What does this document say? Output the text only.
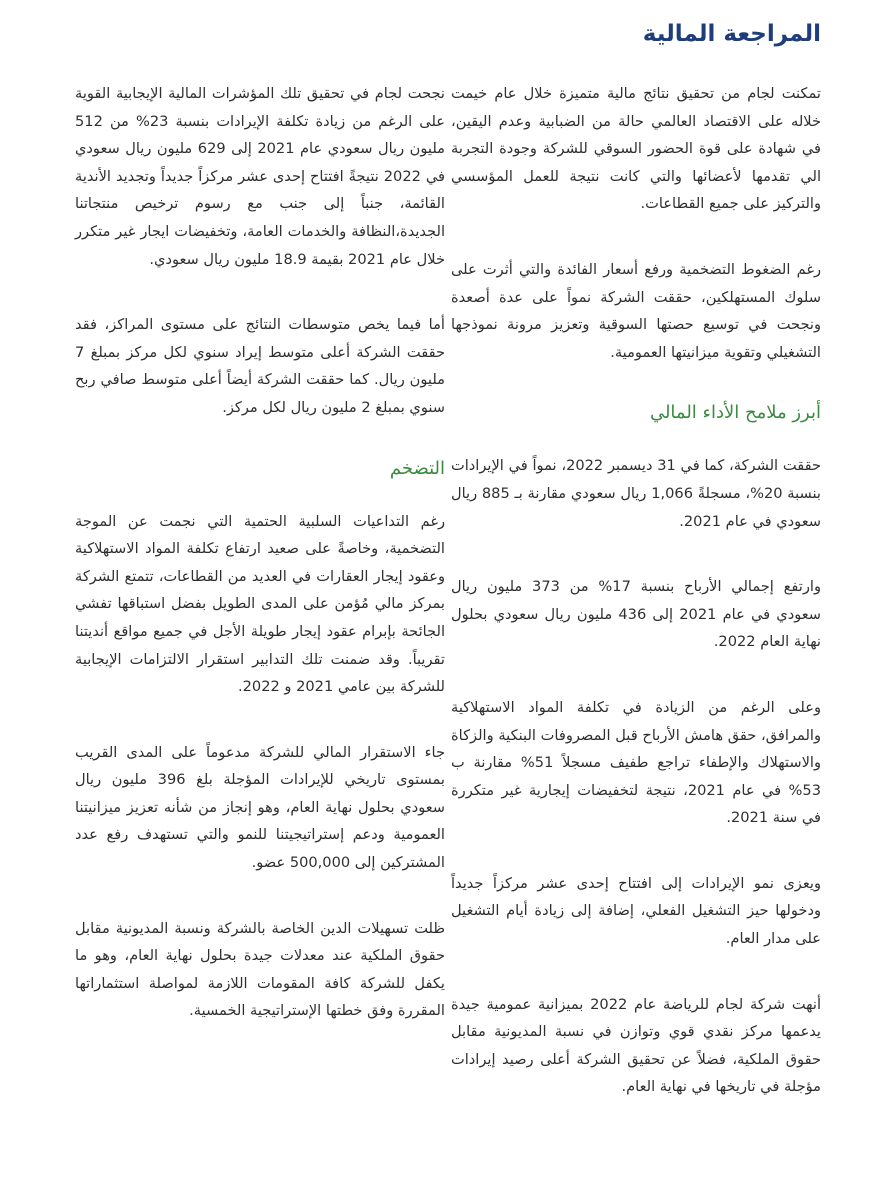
المراجعة المالية

تمكنت لجام من تحقيق نتائج مالية متميزة خلال عام خيمت خلاله على الاقتصاد العالمي حالة من الضبابية وعدم اليقين، في شهادة على قوة الحضور السوقي للشركة وجودة التجربة الي تقدمها لأعضائها والتي كانت نتيجة للعمل المؤسسي والتركيز على جميع القطاعات.

رغم الضغوط التضخمية ورفع أسعار الفائدة والتي أثرت على سلوك المستهلكين، حققت الشركة نمواً على عدة أصعدة ونجحت في توسيع حصتها السوقية وتعزيز مرونة نموذجها التشغيلي وتقوية ميزانيتها العمومية.

أبرز ملامح الأداء المالي

حققت الشركة، كما في 31 ديسمبر 2022، نمواً في الإيرادات بنسبة 20%، مسجلةً 1,066 ريال سعودي مقارنة بـ 885 ريال سعودي في عام 2021.

وارتفع إجمالي الأرباح بنسبة 17% من 373 مليون ريال سعودي في عام 2021 إلى 436 مليون ريال سعودي بحلول نهاية العام 2022.

وعلى الرغم من الزيادة في تكلفة المواد الاستهلاكية والمرافق، حقق هامش الأرباح قبل المصروفات البنكية والزكاة والاستهلاك والإطفاء تراجع طفيف مسجلاً 51% مقارنة ب 53% في عام 2021، نتيجة لتخفيضات إيجارية غير متكررة في سنة 2021.

ويعزى نمو الإيرادات إلى افتتاح إحدى عشر مركزاً جديداً ودخولها حيز التشغيل الفعلي، إضافة إلى زيادة أيام التشغيل على مدار العام.

أنهت شركة لجام للرياضة عام 2022 بميزانية عمومية جيدة يدعمها مركز نقدي قوي وتوازن في نسبة المديونية مقابل حقوق الملكية، فضلاً عن تحقيق الشركة أعلى رصيد إيرادات مؤجلة في تاريخها في نهاية العام.

نجحت لجام في تحقيق تلك المؤشرات المالية الإيجابية القوية على الرغم من زيادة تكلفة الإيرادات بنسبة 23% من 512 مليون ريال سعودي عام 2021 إلى 629 مليون ريال سعودي في 2022 نتيجةً افتتاح إحدى عشر مركزاً جديداً وتجديد الأندية القائمة، جنباً إلى جنب مع رسوم ترخيص منتجاتنا الجديدة،النظافة والخدمات العامة، وتخفيضات ايجار غير متكرر خلال عام 2021 بقيمة 18.9 مليون ريال سعودي.

أما فيما يخص متوسطات النتائج على مستوى المراكز، فقد حققت الشركة أعلى متوسط إيراد سنوي لكل مركز بمبلغ 7 مليون ريال. كما حققت الشركة أيضاً أعلى متوسط صافي ربح سنوي بمبلغ 2 مليون ريال لكل مركز.

التضخم

رغم التداعيات السلبية الحتمية التي نجمت عن الموجة التضخمية، وخاصةً على صعيد ارتفاع تكلفة المواد الاستهلاكية وعقود إيجار العقارات في العديد من القطاعات، تتمتع الشركة بمركز مالي مُؤمن على المدى الطويل بفضل استباقها تفشي الجائحة بإبرام عقود إيجار طويلة الأجل في جميع مواقع أنديتنا تقريباً. وقد ضمنت تلك التدابير استقرار الالتزامات الإيجابية للشركة بين عامي 2021 و 2022.

جاء الاستقرار المالي للشركة مدعوماً على المدى القريب بمستوى تاريخي للإيرادات المؤجلة بلغ 396 مليون ريال سعودي بحلول نهاية العام، وهو إنجاز من شأنه تعزيز ميزانيتنا العمومية ودعم إستراتيجيتنا للنمو والتي تستهدف رفع عدد المشتركين إلى 500,000 عضو.

ظلت تسهيلات الدين الخاصة بالشركة ونسبة المديونية مقابل حقوق الملكية عند معدلات جيدة بحلول نهاية العام، وهو ما يكفل للشركة كافة المقومات اللازمة لمواصلة استثماراتها المقررة وفق خطتها الإستراتيجية الخمسية.
